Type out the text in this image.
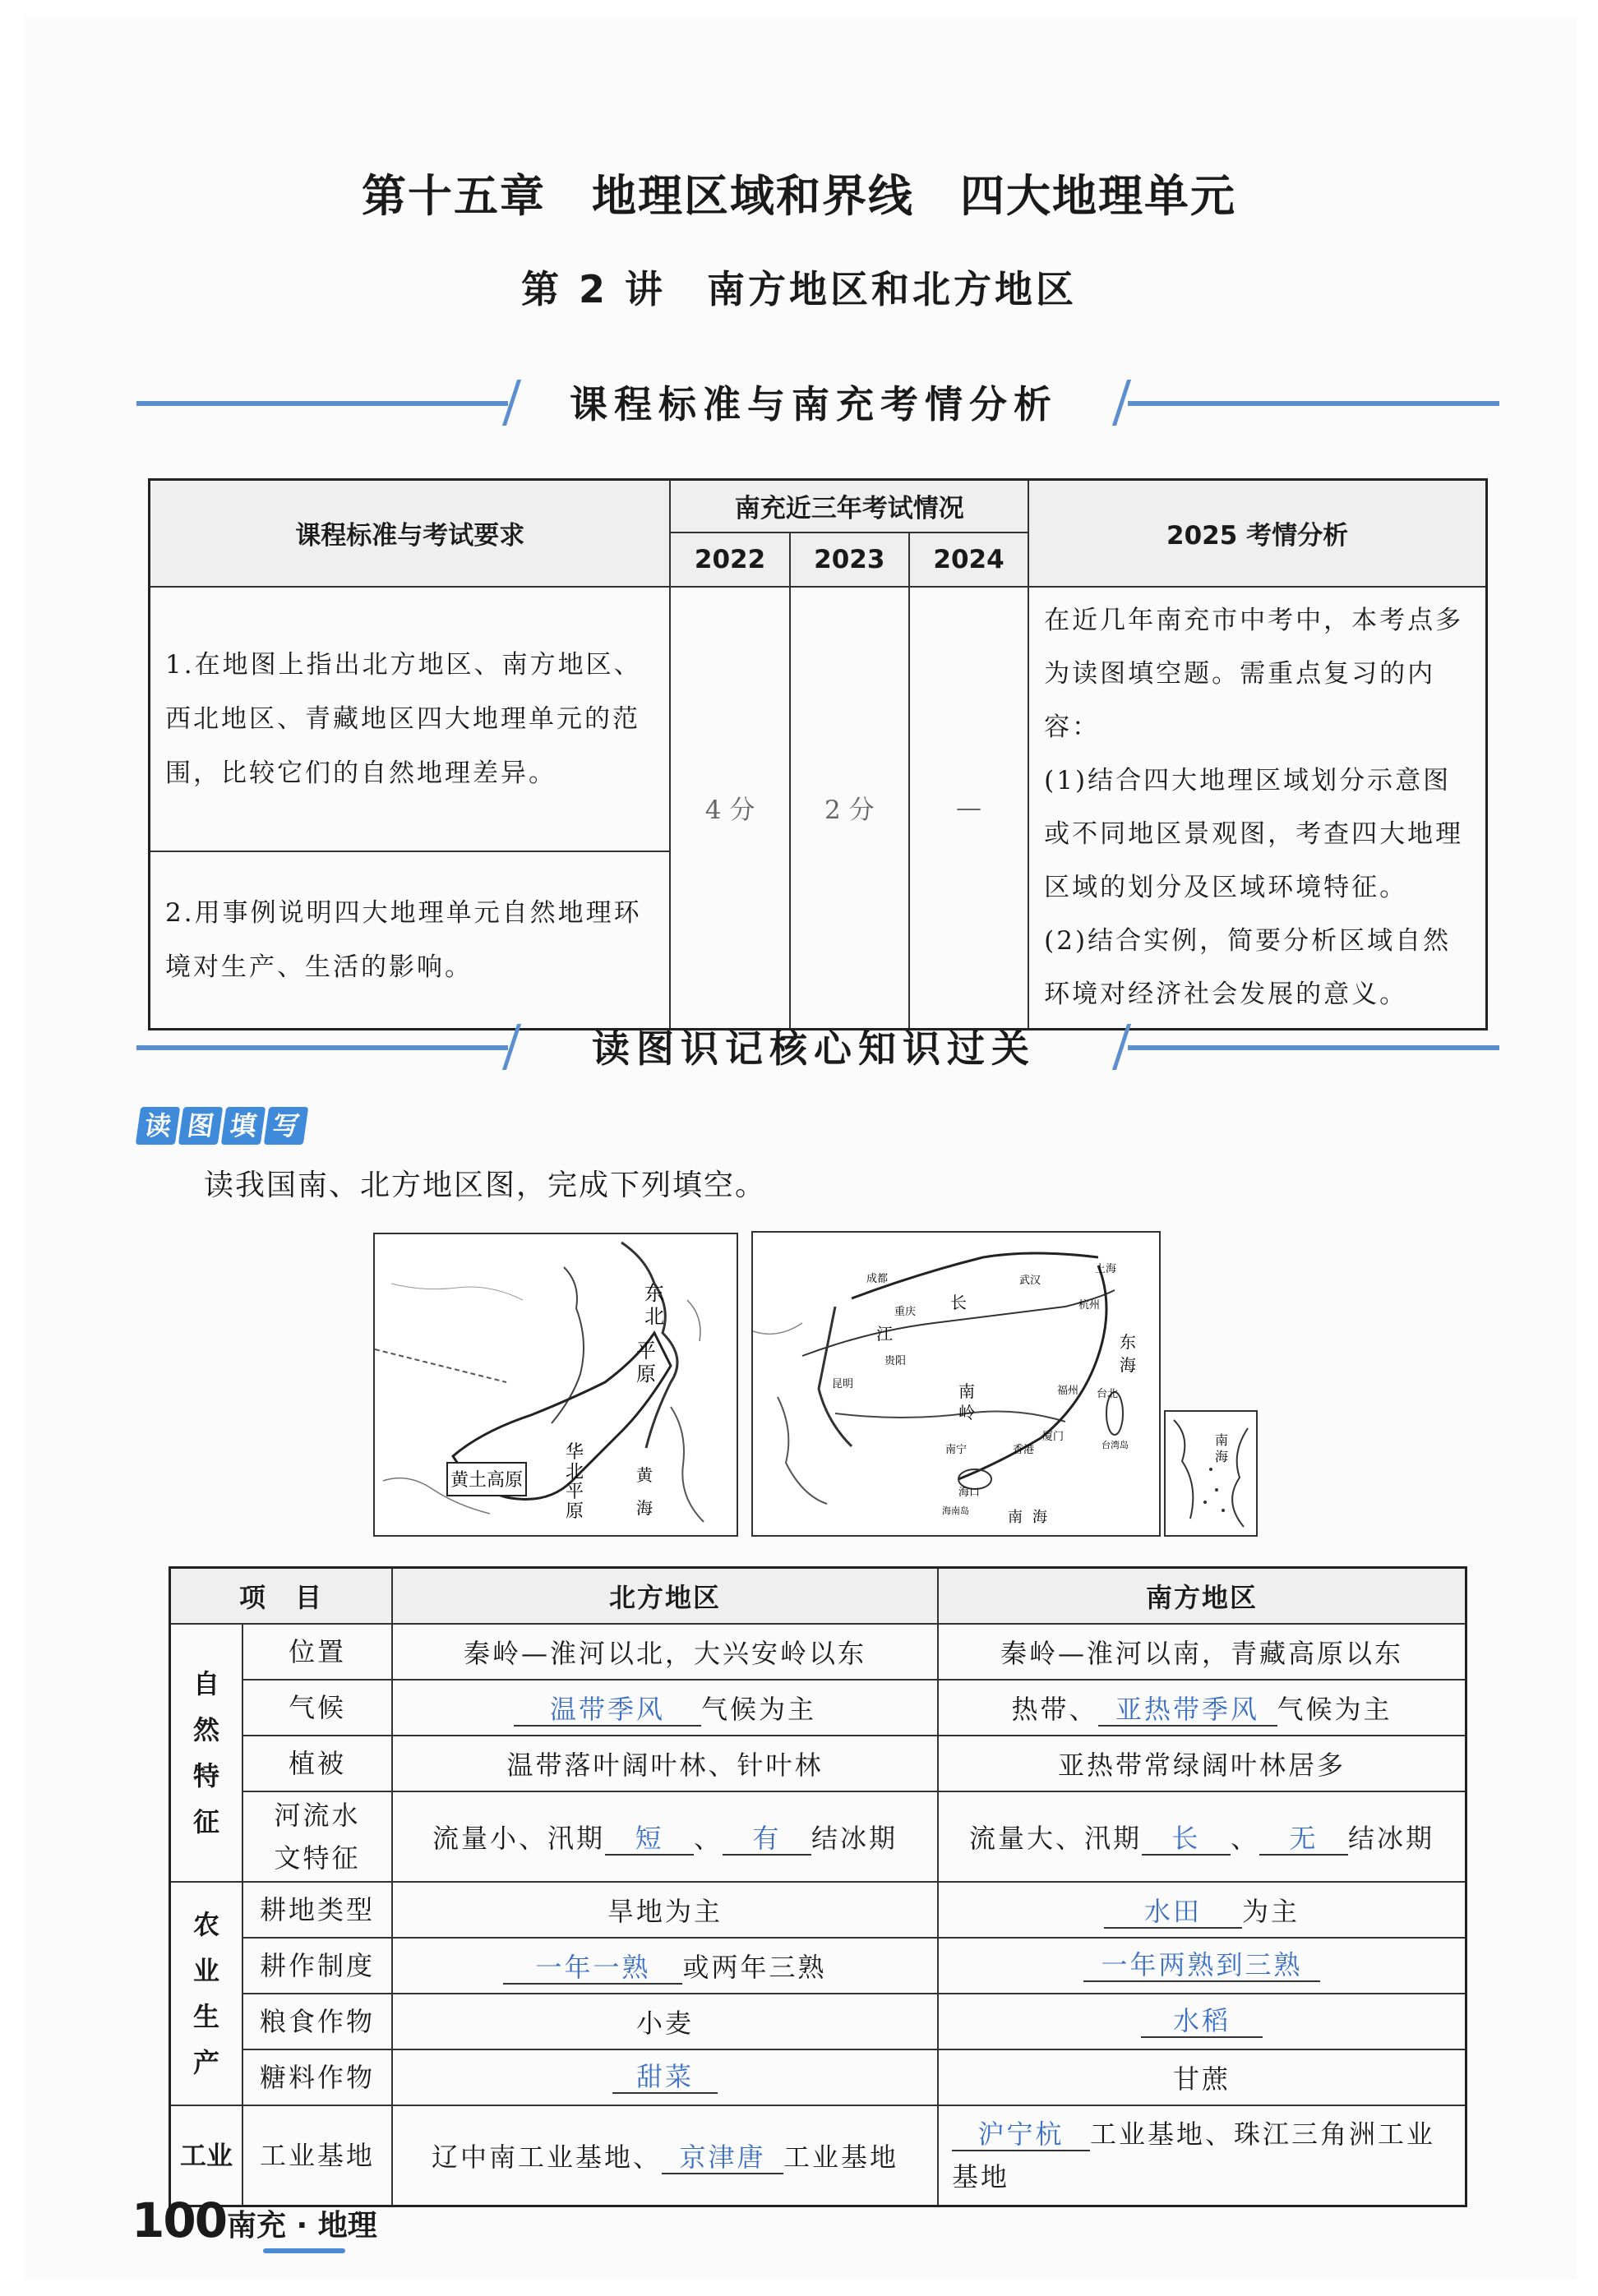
第十五章　地理区域和界线　四大地理单元
第 2 讲　南方地区和北方地区
课程标准与南充考情分析
课程标准与考试要求	南充近三年考试情况			2025 考情分析
	2022	2023	2024	
1.在地图上指出北方地区、南方地区、西北地区、青藏地区四大地理单元的范围，比较它们的自然地理差异。	4 分	2 分	—	在近几年南充市中考中，本考点多为读图填空题。需重点复习的内容：
(1)结合四大地理区域划分示意图或不同地区景观图，考查四大地理区域的划分及区域环境特征。
(2)结合实例，简要分析区域自然环境对经济社会发展的意义。

2.用事例说明四大地理单元自然地理环境对生产、生活的影响。				
读图识记核心知识过关
读 图 填 写
读我国南、北方地区图，完成下列填空。
东
北
平
原
黄土高原
华
北
平
原
黄
海
长
江
南
岭
东
海
南 海
上海
武汉
杭州
福州 台北
厦门
香港
成都
重庆
贵阳
昆明
南宁
海口
台湾岛
海南岛
南
海
项　目		北方地区	南方地区
自然特征	位置	秦岭—淮河以北，大兴安岭以东	秦岭—淮河以南，青藏高原以东
	气候	温带季风 气候为主	热带、 亚热带季风 气候为主
	植被	温带落叶阔叶林、针叶林	亚热带常绿阔叶林居多
	河流水文特征	流量小、汛期 短 、 有 结冰期	流量大、汛期 长 、 无 结冰期
农业生产	耕地类型	旱地为主	水田 为主
	耕作制度	一年一熟 或两年三熟	一年两熟到三熟
	粮食作物	小麦	水稻
	糖料作物	甜菜	甘蔗
工业	工业基地	辽中南工业基地、 京津唐 工业基地	沪宁杭 工业基地、珠江三角洲工业基地
100 南充 · 地理
